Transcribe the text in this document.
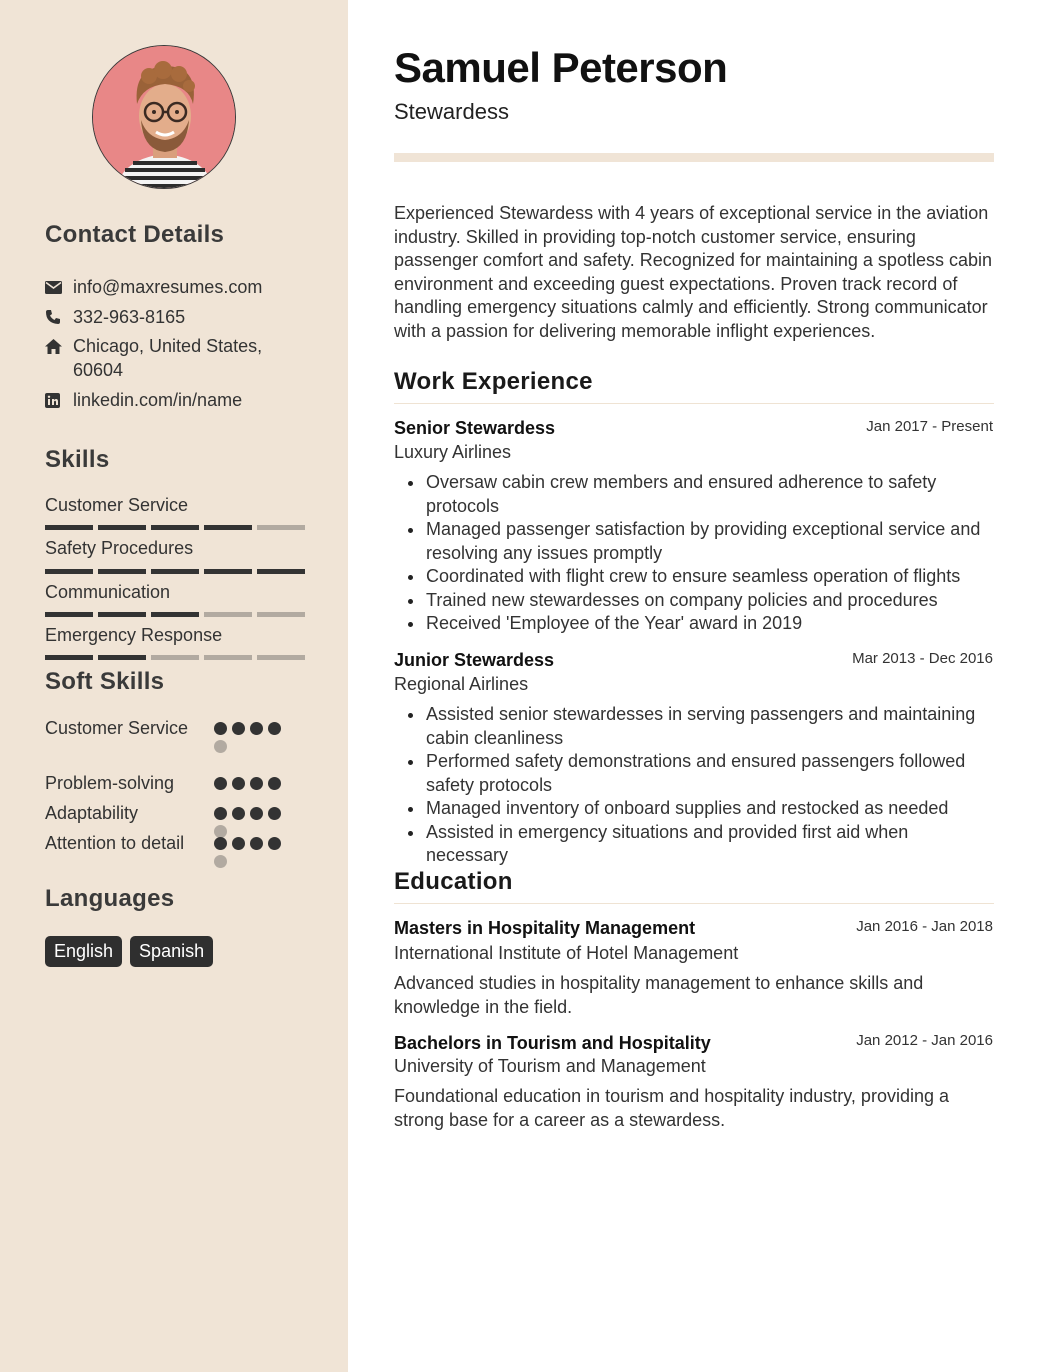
Contact Details
info@maxresumes.com
332-963-8165
Chicago, United States, 60604
linkedin.com/in/name
Skills
Customer Service
Safety Procedures
Communication
Emergency Response
Soft Skills
Customer Service
Problem-solving
Adaptability
Attention to detail
Languages
English	Spanish
Samuel Peterson
Stewardess
Experienced Stewardess with 4 years of exceptional service in the aviation industry. Skilled in providing top-notch customer service, ensuring passenger comfort and safety. Recognized for maintaining a spotless cabin environment and exceeding guest expectations. Proven track record of handling emergency situations calmly and efficiently. Strong communicator with a passion for delivering memorable inflight experiences.
Work Experience
Senior Stewardess	Jan 2017 - Present
Luxury Airlines
Oversaw cabin crew members and ensured adherence to safety protocols
Managed passenger satisfaction by providing exceptional service and resolving any issues promptly
Coordinated with flight crew to ensure seamless operation of flights
Trained new stewardesses on company policies and procedures
Received 'Employee of the Year' award in 2019
Junior Stewardess	Mar 2013 - Dec 2016
Regional Airlines
Assisted senior stewardesses in serving passengers and maintaining cabin cleanliness
Performed safety demonstrations and ensured passengers followed safety protocols
Managed inventory of onboard supplies and restocked as needed
Assisted in emergency situations and provided first aid when necessary
Education
Masters in Hospitality Management	Jan 2016 - Jan 2018
International Institute of Hotel Management
Advanced studies in hospitality management to enhance skills and knowledge in the field.
Bachelors in Tourism and Hospitality	Jan 2012 - Jan 2016
University of Tourism and Management
Foundational education in tourism and hospitality industry, providing a strong base for a career as a stewardess.
